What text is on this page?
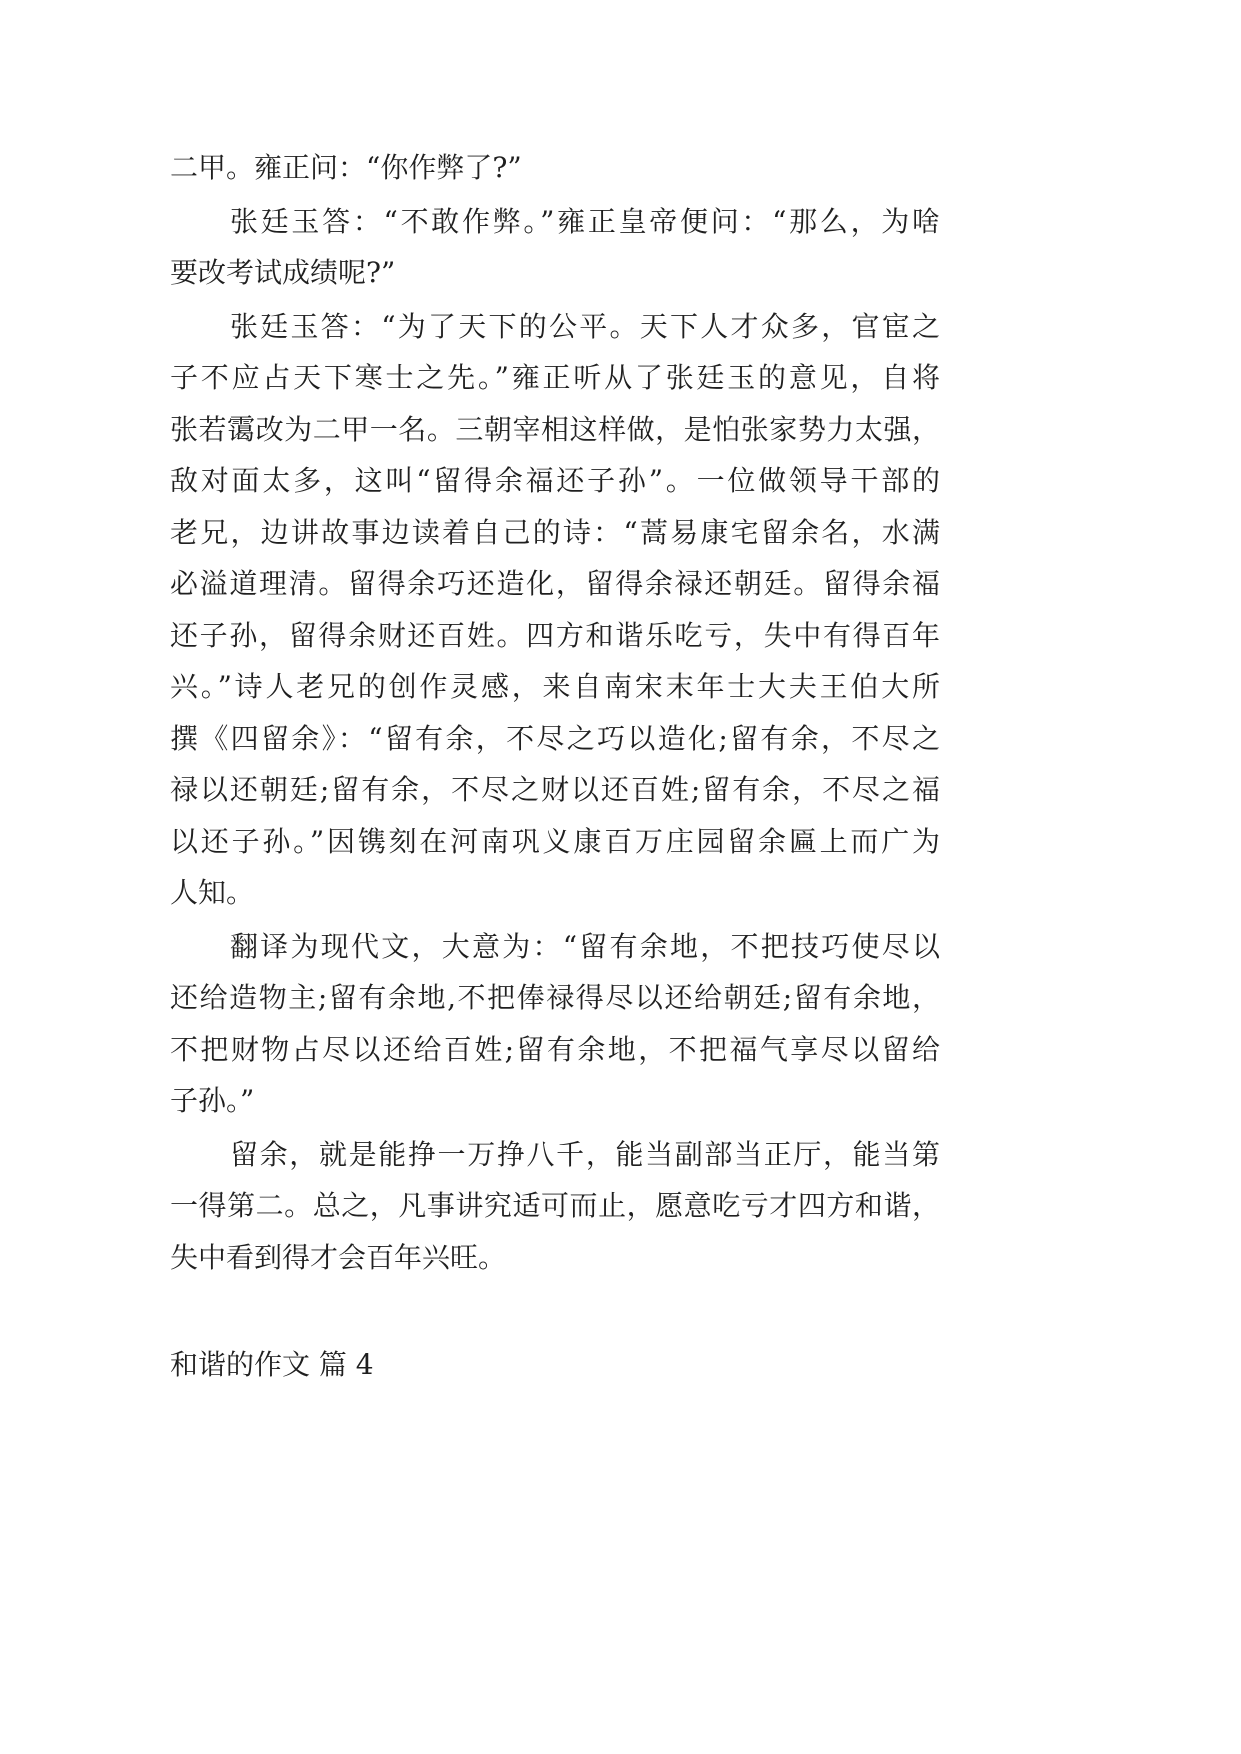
二甲。雍正问：“你作弊了?”
张廷玉答：“不敢作弊。”雍正皇帝便问：“那么，为啥
要改考试成绩呢?”
张廷玉答：“为了天下的公平。天下人才众多，官宦之
子不应占天下寒士之先。”雍正听从了张廷玉的意见，自将
张若霭改为二甲一名。三朝宰相这样做，是怕张家势力太强，
敌对面太多，这叫“留得余福还子孙”。一位做领导干部的
老兄，边讲故事边读着自己的诗：“蒿易康宅留余名，水满
必溢道理清。留得余巧还造化，留得余禄还朝廷。留得余福
还子孙，留得余财还百姓。四方和谐乐吃亏，失中有得百年
兴。”诗人老兄的创作灵感，来自南宋末年士大夫王伯大所
撰《四留余》：“留有余，不尽之巧以造化;留有余，不尽之
禄以还朝廷;留有余，不尽之财以还百姓;留有余，不尽之福
以还子孙。”因镌刻在河南巩义康百万庄园留余匾上而广为
人知。
翻译为现代文，大意为：“留有余地，不把技巧使尽以
还给造物主;留有余地,不把俸禄得尽以还给朝廷;留有余地，
不把财物占尽以还给百姓;留有余地，不把福气享尽以留给
子孙。”
留余，就是能挣一万挣八千，能当副部当正厅，能当第
一得第二。总之，凡事讲究适可而止，愿意吃亏才四方和谐，
失中看到得才会百年兴旺。
和谐的作文 篇 4
